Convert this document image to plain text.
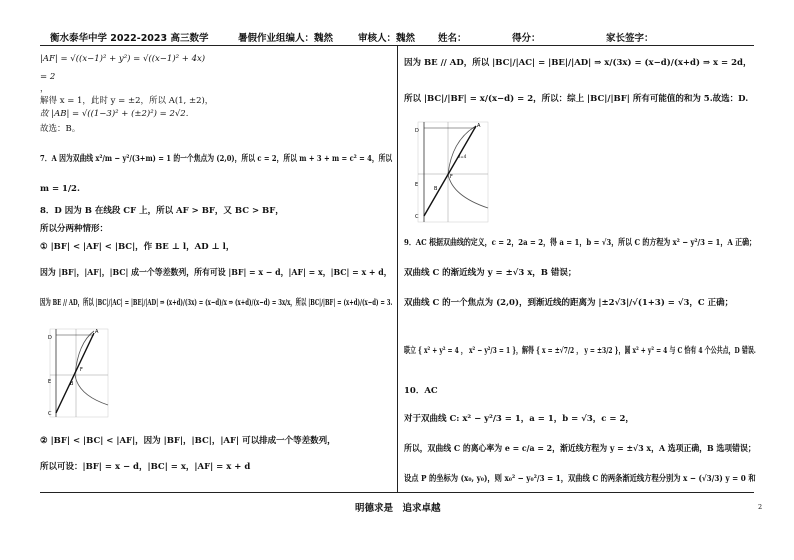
衡水泰华中学 2022-2023 高三数学	暑假作业 组编人：魏然	审核人：魏然 姓名：	得分：	家长签字：
|AF| = √((x−1)² + y²) = √((x−1)² + 4x)
= 2
，
解得 x = 1，此时 y = ±2，所以 A(1, ±2)，
故 |AB| = √((1−3)² + (±2)²) = 2√2.
故选：B。
7．A 因为双曲线 x²/m − y²/(3+m) = 1 的一个焦点为 (2,0)，所以 c = 2，所以 m + 3 + m = c² = 4，所以
m = 1/2.
8．D 因为 B 在线段 CF 上，所以 AF > BF，又 BC > BF，
所以分两种情形：
① |BF| < |AF| < |BC|，作 BE ⊥ l，AD ⊥ l，
因为 |BF|，|AF|，|BC| 成一个等差数列，所有可设 |BF| = x − d，|AF| = x，|BC| = x + d，
因为 BE // AD，所以 |BC|/|AC| = |BE|/|AD| ⇒ (x+d)/(3x) = (x−d)/x ⇒ (x+d)/(x−d) = 3x/x，所以 |BC|/|BF| = (x+d)/(x−d) = 3.
D
A
E	B
F
C
② |BF| < |BC| < |AF|，因为 |BF|，|BC|，|AF| 可以排成一个等差数列，
所以可设：|BF| = x − d，|BC| = x，|AF| = x + d
因为 BE // AD，所以 |BC|/|AC| = |BE|/|AD| ⇒ x/(3x) = (x−d)/(x+d) ⇒ x = 2d，
所以 |BC|/|BF| = x/(x−d) = 2，所以：综上 |BC|/|BF| 所有可能值的和为 5.故选：D.
D
A
E
B
F
C
x=4
9．AC 根据双曲线的定义，c = 2，2a = 2，得 a = 1，b = √3，所以 C 的方程为 x² − y²/3 = 1，A 正确；
双曲线 C 的渐近线为 y = ±√3 x，B 错误；
双曲线 C 的一个焦点为 (2,0)，到渐近线的距离为 |±2√3|/√(1+3) = √3，C 正确；
联立 { x² + y² = 4 ， x² − y²/3 = 1 }，解得 { x = ±√7/2 ， y = ±3/2 }，圆 x² + y² = 4 与 C 恰有 4 个公共点，D 错误.
10．AC
对于双曲线 C: x² − y²/3 = 1，a = 1，b = √3，c = 2，
所以，双曲线 C 的离心率为 e = c/a = 2，渐近线方程为 y = ±√3 x，A 选项正确，B 选项错误；
设点 P 的坐标为 (x₀, y₀)，则 x₀² − y₀²/3 = 1，双曲线 C 的两条渐近线方程分别为 x − (√3/3) y = 0 和
明德求是　追求卓越	2
